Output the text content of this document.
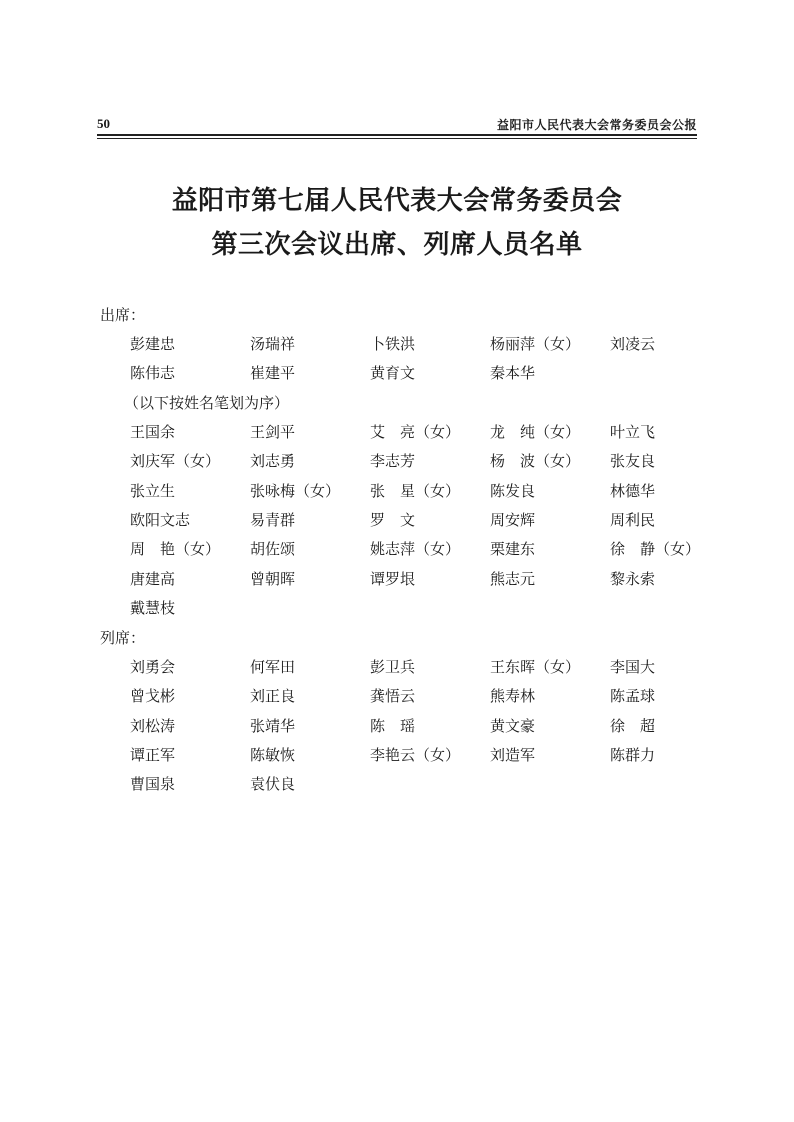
50	益阳市人民代表大会常务委员会公报
益阳市第七届人民代表大会常务委员会
第三次会议出席、列席人员名单
出席：
彭建忠	汤瑞祥	卜铁洪	杨丽萍（女） 刘凌云
陈伟志	崔建平	黄育文	秦本华
（以下按姓名笔划为序）
王国余	王剑平	艾　亮（女） 龙　纯（女） 叶立飞
刘庆军（女） 刘志勇	李志芳	杨　波（女） 张友良
张立生	张咏梅（女） 张　星（女） 陈发良	林德华
欧阳文志	易青群	罗　文	周安辉	周利民
周　艳（女） 胡佐颂	姚志萍（女） 栗建东	徐　静（女）
唐建高	曾朝晖	谭罗垠	熊志元	黎永索
戴慧枝
列席：
刘勇会	何军田	彭卫兵	王东晖（女） 李国大
曾戈彬	刘正良	龚悟云	熊寿林	陈孟球
刘松涛	张靖华	陈　瑶	黄文豪	徐　超
谭正军	陈敏恢	李艳云（女） 刘造军	陈群力
曹国泉	袁伏良
